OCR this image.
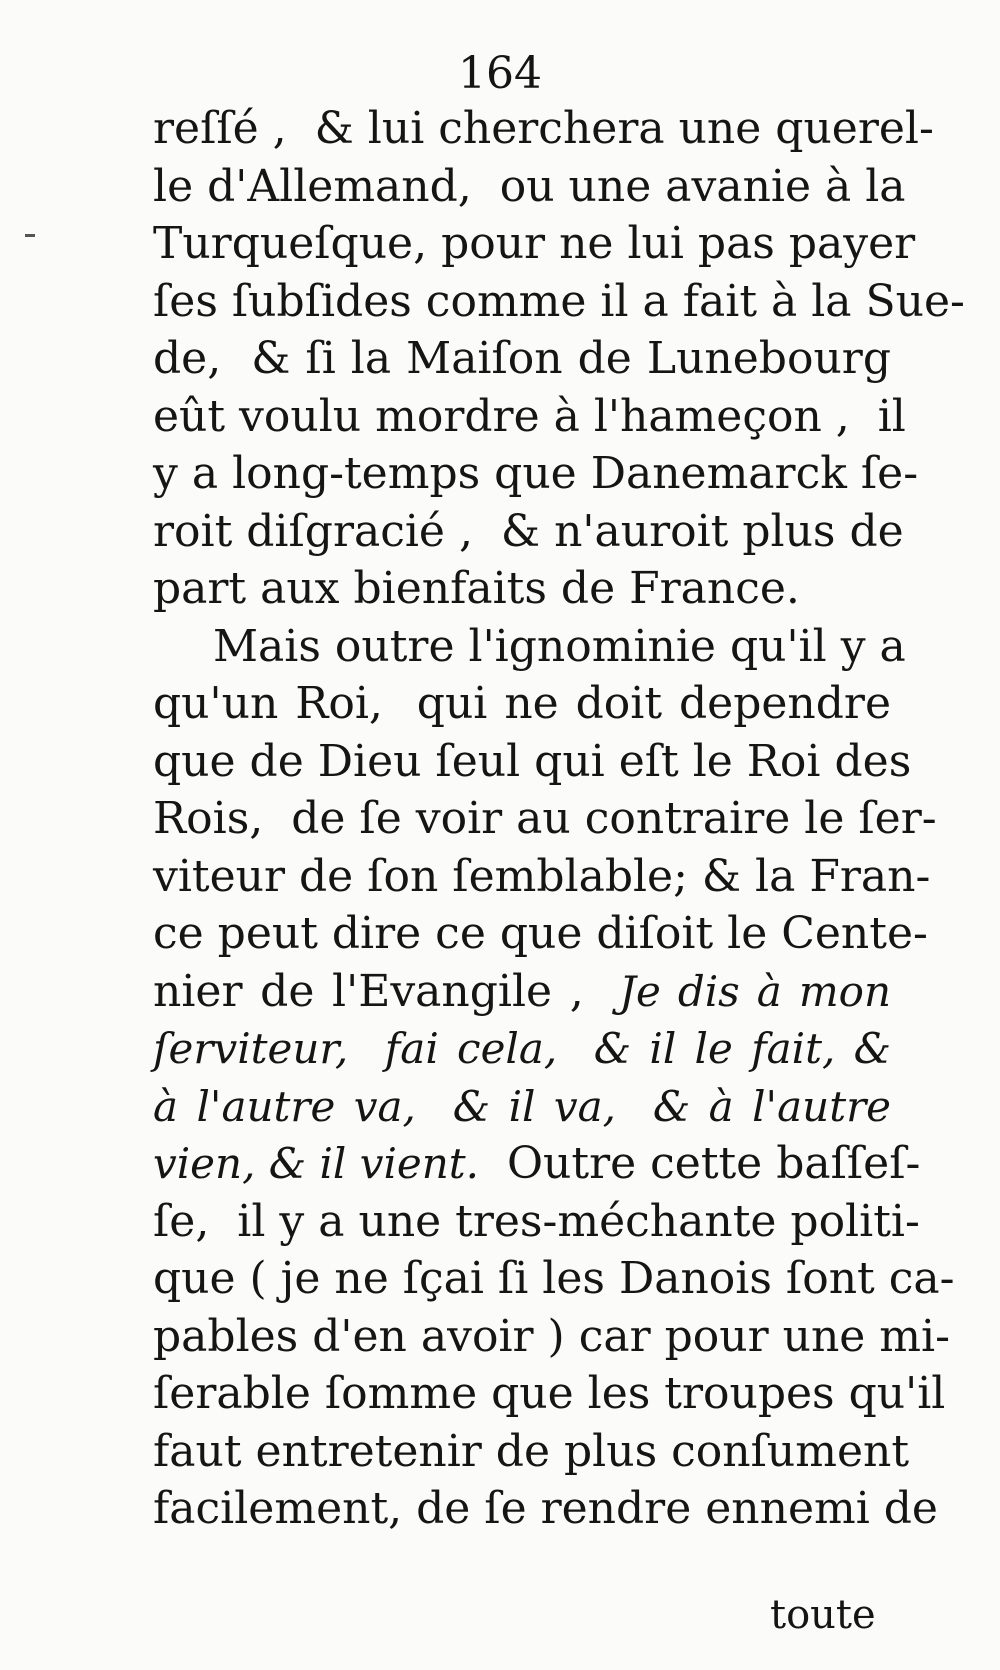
164
reſſé ,  & lui cherchera une querel-
le d'Allemand,  ou une avanie à la
Turqueſque, pour ne lui pas payer
ſes ſubſides comme il a fait à la Sue-
de,  & ſi la Maiſon de Lunebourg
eût voulu mordre à l'hameçon ,  il
y a long-temps que Danemarck ſe-
roit diſgracié ,  & n'auroit plus de
part aux bienfaits de France.
Mais outre l'ignominie qu'il y a
qu'un Roi,  qui ne doit dependre
que de Dieu ſeul qui eſt le Roi des
Rois,  de ſe voir au contraire le ſer-
viteur de ſon ſemblable; & la Fran-
ce peut dire ce que diſoit le Cente-
nier de l'Evangile ,  Je dis à mon
ſerviteur,  fai cela,  & il le fait, &
à l'autre va,  & il va,  & à l'autre
vien, & il vient.  Outre cette baſſeſ-
ſe,  il y a une tres-méchante politi-
que ( je ne ſçai ſi les Danois ſont ca-
pables d'en avoir ) car pour une mi-
ſerable ſomme que les troupes qu'il
faut entretenir de plus conſument
facilement, de ſe rendre ennemi de
toute
